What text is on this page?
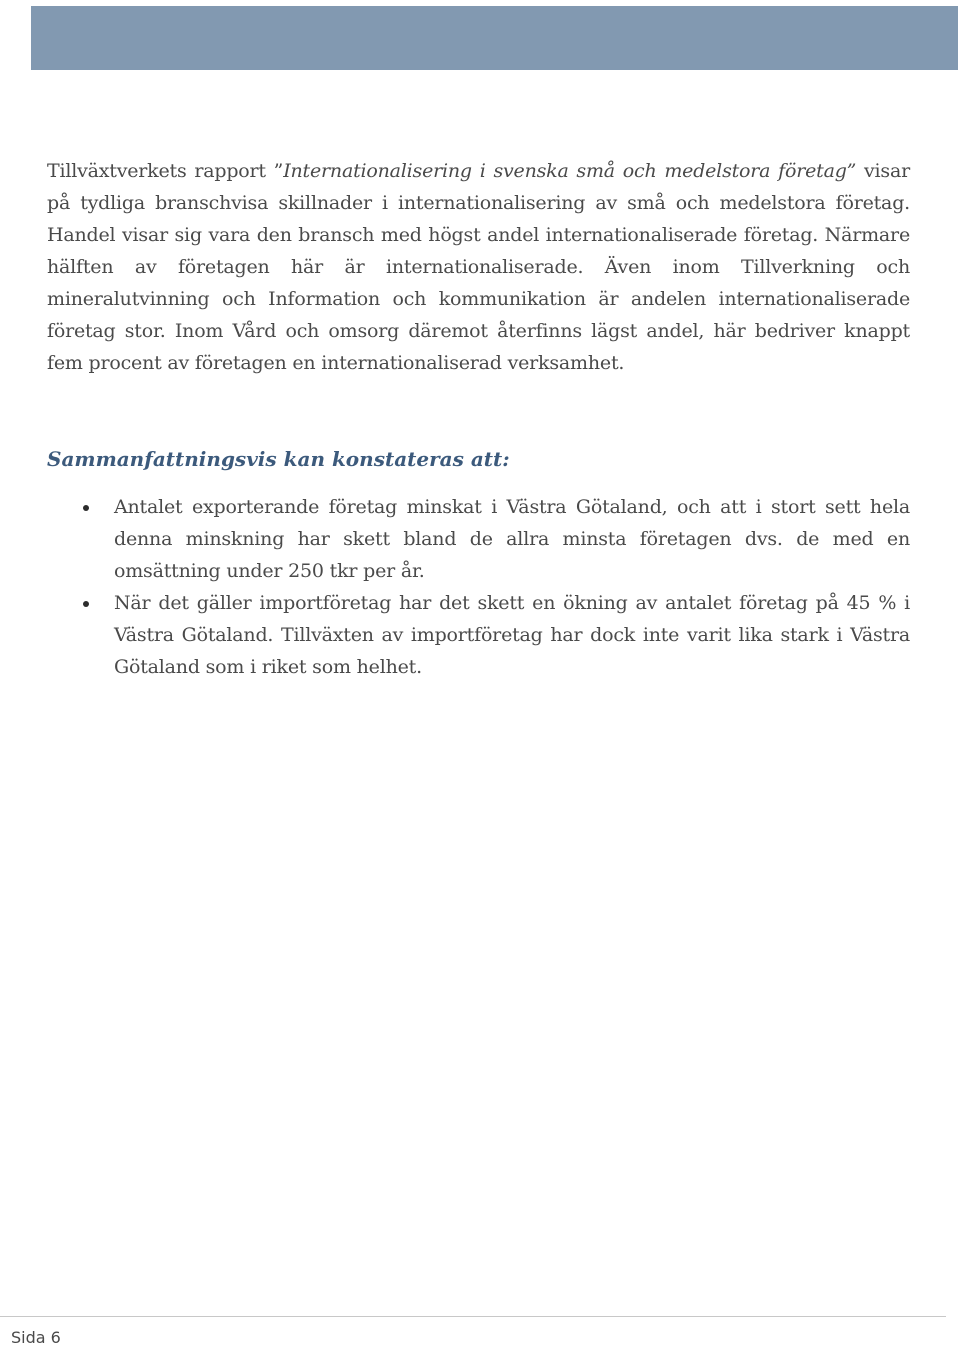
Tillväxtverkets rapport ”Internationalisering i svenska små och medelstora företag” visar på tydliga branschvisa skillnader i internationalisering av små och medelstora företag. Handel visar sig vara den bransch med högst andel internationaliserade företag. Närmare hälften av företagen här är internationaliserade. Även inom Tillverkning och mineralutvinning och Information och kommunikation är andelen internationaliserade företag stor. Inom Vård och omsorg däremot återfinns lägst andel, här bedriver knappt fem procent av företagen en internationaliserad verksamhet.

Sammanfattningsvis kan konstateras att:
Antalet exporterande företag minskat i Västra Götaland, och att i stort sett hela denna minskning har skett bland de allra minsta företagen dvs. de med en omsättning under 250 tkr per år.
När det gäller importföretag har det skett en ökning av antalet företag på 45 % i Västra Götaland. Tillväxten av importföretag har dock inte varit lika stark i Västra Götaland som i riket som helhet.
Sida 6
